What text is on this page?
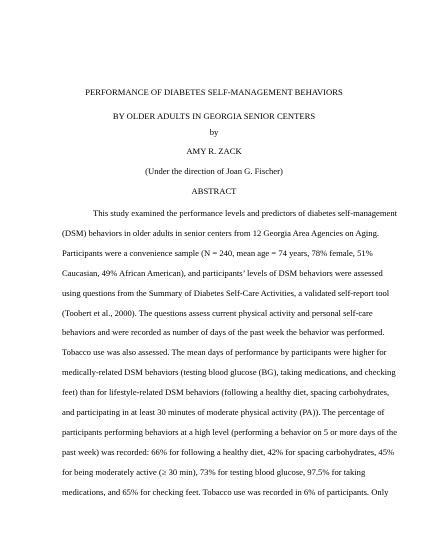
PERFORMANCE OF DIABETES SELF-MANAGEMENT BEHAVIORS
BY OLDER ADULTS IN GEORGIA SENIOR CENTERS
by
AMY R. ZACK
(Under the direction of Joan G. Fischer)
ABSTRACT
This study examined the performance levels and predictors of diabetes self-management
(DSM) behaviors in older adults in senior centers from 12 Georgia Area Agencies on Aging.
Participants were a convenience sample (N = 240, mean age = 74 years, 78% female, 51%
Caucasian, 49% African American), and participants’ levels of DSM behaviors were assessed
using questions from the Summary of Diabetes Self-Care Activities, a validated self-report tool
(Toobert et al., 2000). The questions assess current physical activity and personal self-care
behaviors and were recorded as number of days of the past week the behavior was performed.
Tobacco use was also assessed. The mean days of performance by participants were higher for
medically-related DSM behaviors (testing blood glucose (BG), taking medications, and checking
feet) than for lifestyle-related DSM behaviors (following a healthy diet, spacing carbohydrates,
and participating in at least 30 minutes of moderate physical activity (PA)). The percentage of
participants performing behaviors at a high level (performing a behavior on 5 or more days of the
past week) was recorded: 66% for following a healthy diet, 42% for spacing carbohydrates, 45%
for being moderately active (≥ 30 min), 73% for testing blood glucose, 97.5% for taking
medications, and 65% for checking feet. Tobacco use was recorded in 6% of participants. Only
